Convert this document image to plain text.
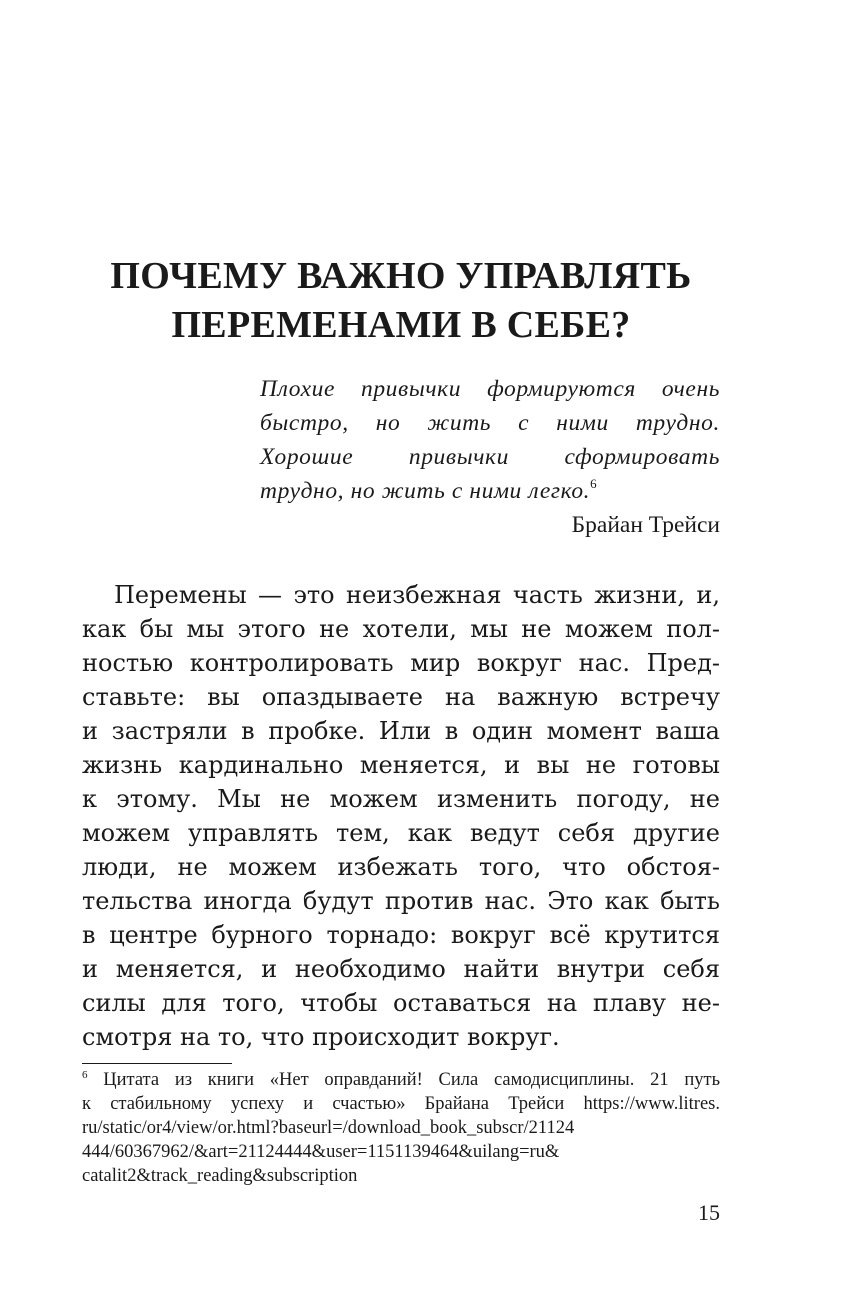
ПОЧЕМУ ВАЖНО УПРАВЛЯТЬ
ПЕРЕМЕНАМИ В СЕБЕ?
Плохие привычки формируются очень
быстро, но жить с ними трудно.
Хорошие привычки сформировать
трудно, но жить с ними легко.$^6$
Брайан Трейси
Перемены — это неизбежная часть жизни, и,
как бы мы этого не хотели, мы не можем пол-
ностью контролировать мир вокруг нас. Пред-
ставьте: вы опаздываете на важную встречу
и застряли в пробке. Или в один момент ваша
жизнь кардинально меняется, и вы не готовы
к этому. Мы не можем изменить погоду, не
можем управлять тем, как ведут себя другие
люди, не можем избежать того, что обстоя-
тельства иногда будут против нас. Это как быть
в центре бурного торнадо: вокруг всё крутится
и меняется, и необходимо найти внутри себя
силы для того, чтобы оставаться на плаву не-
смотря на то, что происходит вокруг.
$^6$ Цитата из книги «Нет оправданий! Сила самодисциплины. 21 путь
к стабильному успеху и счастью» Брайана Трейси https://www.litres.
ru/static/or4/view/or.html?baseurl=/download_book_subscr/21124
444/60367962/&art=21124444&user=1151139464&uilang=ru&
catalit2&track_reading&subscription
15
